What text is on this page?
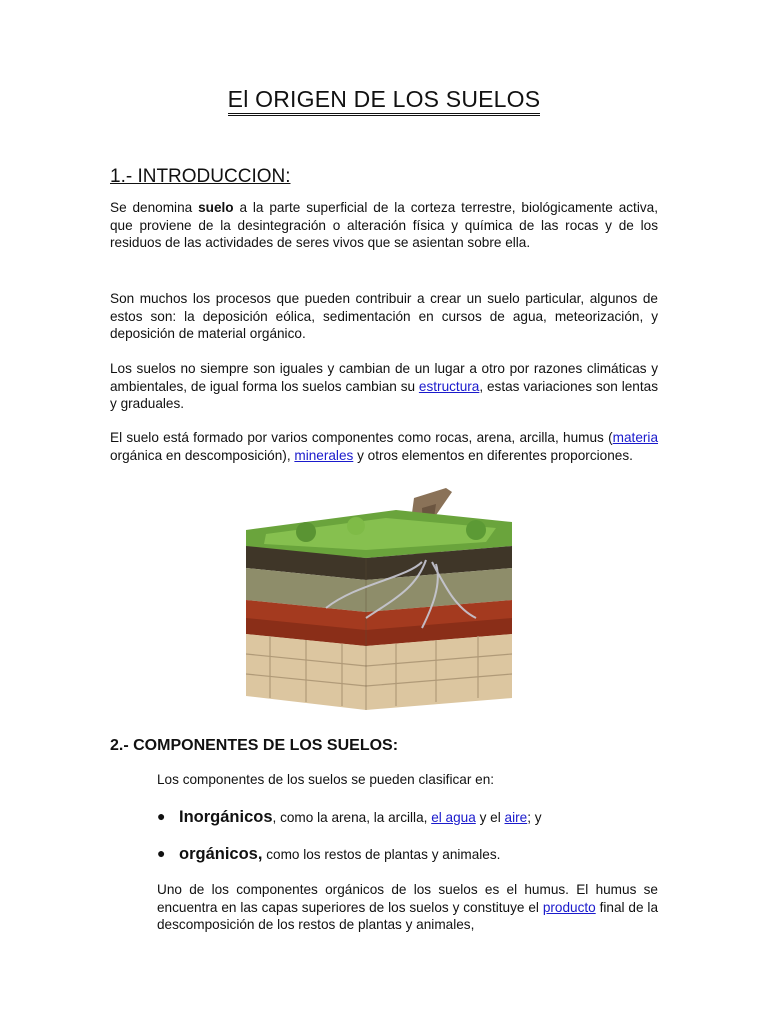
El ORIGEN DE LOS SUELOS
1.- INTRODUCCION:
Se denomina suelo a la parte superficial de la corteza terrestre, biológicamente activa, que proviene de la desintegración o alteración física y química de las rocas y de los residuos de las actividades de seres vivos que se asientan sobre ella.
Son muchos los procesos que pueden contribuir a crear un suelo particular, algunos de estos son: la deposición eólica, sedimentación en cursos de agua, meteorización, y deposición de material orgánico.
Los suelos no siempre son iguales y cambian de un lugar a otro por razones climáticas y ambientales, de igual forma los suelos cambian su estructura, estas variaciones son lentas y graduales.
El suelo está formado por varios componentes como rocas, arena, arcilla, humus (materia orgánica en descomposición), minerales y otros elementos en diferentes proporciones.
2.- COMPONENTES DE LOS SUELOS:
Los componentes de los suelos se pueden clasificar en:
● Inorgánicos, como la arena, la arcilla, el agua y el aire; y
● orgánicos, como los restos de plantas y animales.
Uno de los componentes orgánicos de los suelos es el humus. El humus se encuentra en las capas superiores de los suelos y constituye el producto final de la descomposición de los restos de plantas y animales,
